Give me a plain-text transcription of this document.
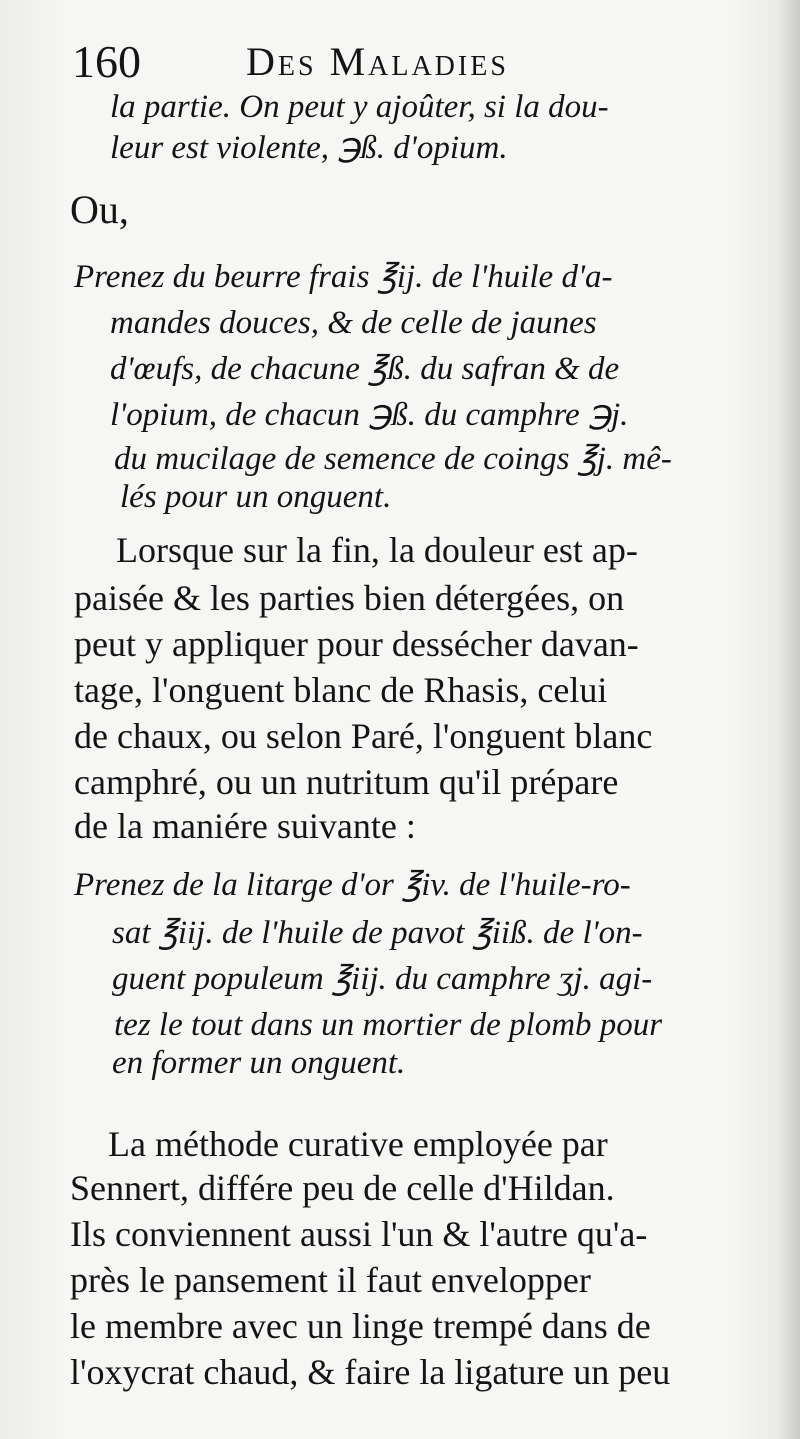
160	Des Maladies
la partie. On peut y ajoûter, si la dou-
leur est violente, ℈ß. d'opium.
Ou,
Prenez du beurre frais ℥ij. de l'huile d'a-
mandes douces, & de celle de jaunes
d'œufs, de chacune ℥ß. du safran & de
l'opium, de chacun ℈ß. du camphre ℈j.
du mucilage de semence de coings ℥j. mê-
lés pour un onguent.
Lorsque sur la fin, la douleur est ap-
paisée & les parties bien détergées, on
peut y appliquer pour dessécher davan-
tage, l'onguent blanc de Rhasis, celui
de chaux, ou selon Paré, l'onguent blanc
camphré, ou un nutritum qu'il prépare
de la maniére suivante :
Prenez de la litarge d'or ℥iv. de l'huile-ro-
sat ℥iij. de l'huile de pavot ℥iiß. de l'on-
guent populeum ℥iij. du camphre ʒj. agi-
tez le tout dans un mortier de plomb pour
en former un onguent.
La méthode curative employée par
Sennert, différe peu de celle d'Hildan.
Ils conviennent aussi l'un & l'autre qu'a-
près le pansement il faut envelopper
le membre avec un linge trempé dans de
l'oxycrat chaud, & faire la ligature un peu
